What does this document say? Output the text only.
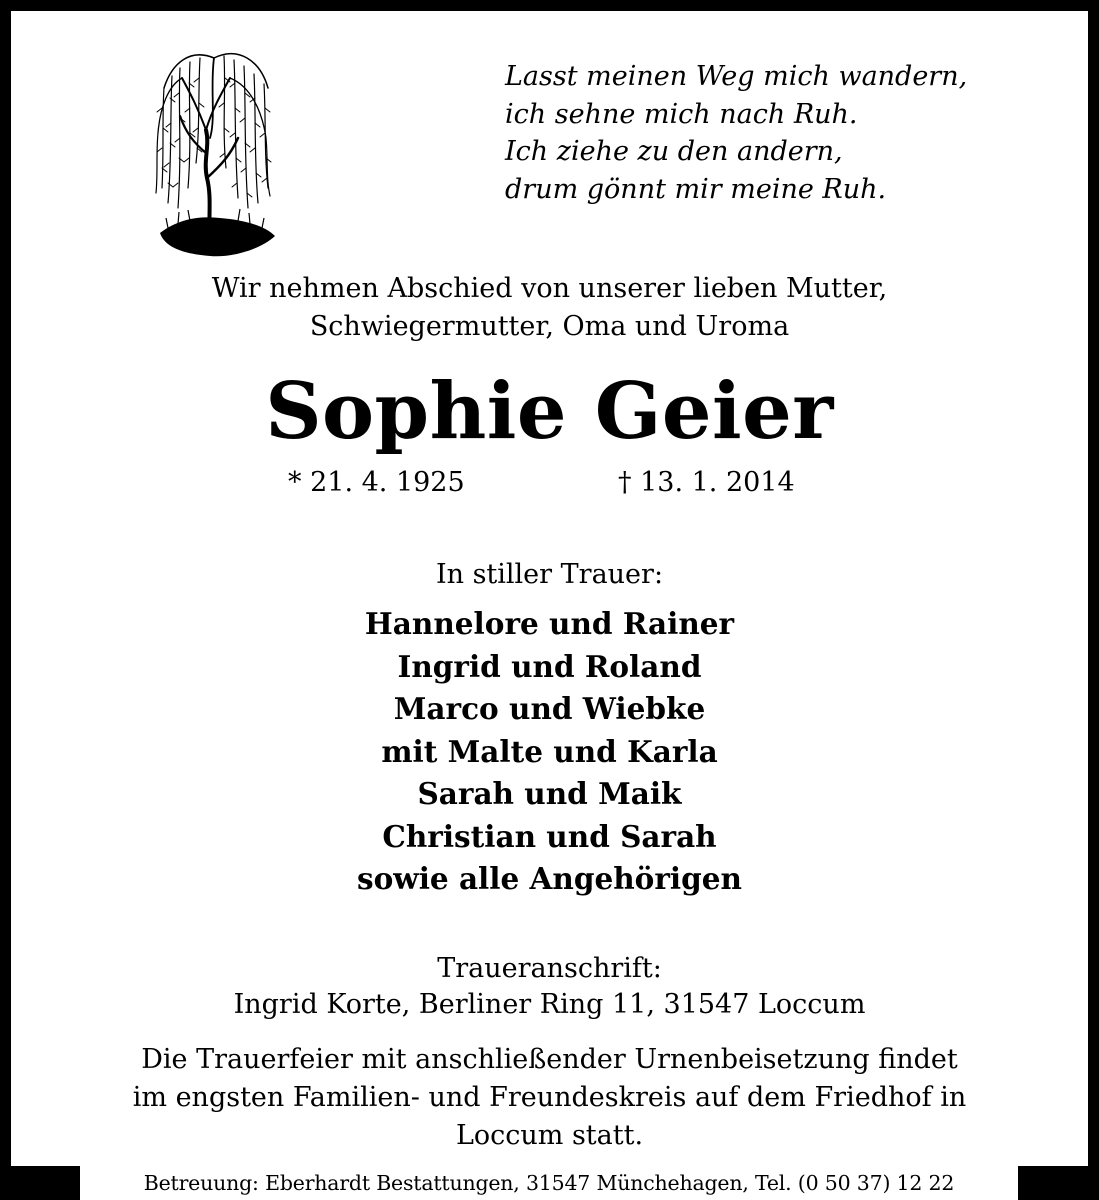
Lasst meinen Weg mich wandern,
ich sehne mich nach Ruh.
Ich ziehe zu den andern,
drum gönnt mir meine Ruh.
Wir nehmen Abschied von unserer lieben Mutter,
Schwiegermutter, Oma und Uroma
Sophie Geier
* 21. 4. 1925	† 13. 1. 2014
In stiller Trauer:
Hannelore und Rainer
Ingrid und Roland
Marco und Wiebke
mit Malte und Karla
Sarah und Maik
Christian und Sarah
sowie alle Angehörigen
Traueranschrift:
Ingrid Korte, Berliner Ring 11, 31547 Loccum
Die Trauerfeier mit anschließender Urnenbeisetzung findet
im engsten Familien- und Freundeskreis auf dem Friedhof in
Loccum statt.
Betreuung: Eberhardt Bestattungen, 31547 Münchehagen, Tel. (0 50 37) 12 22
